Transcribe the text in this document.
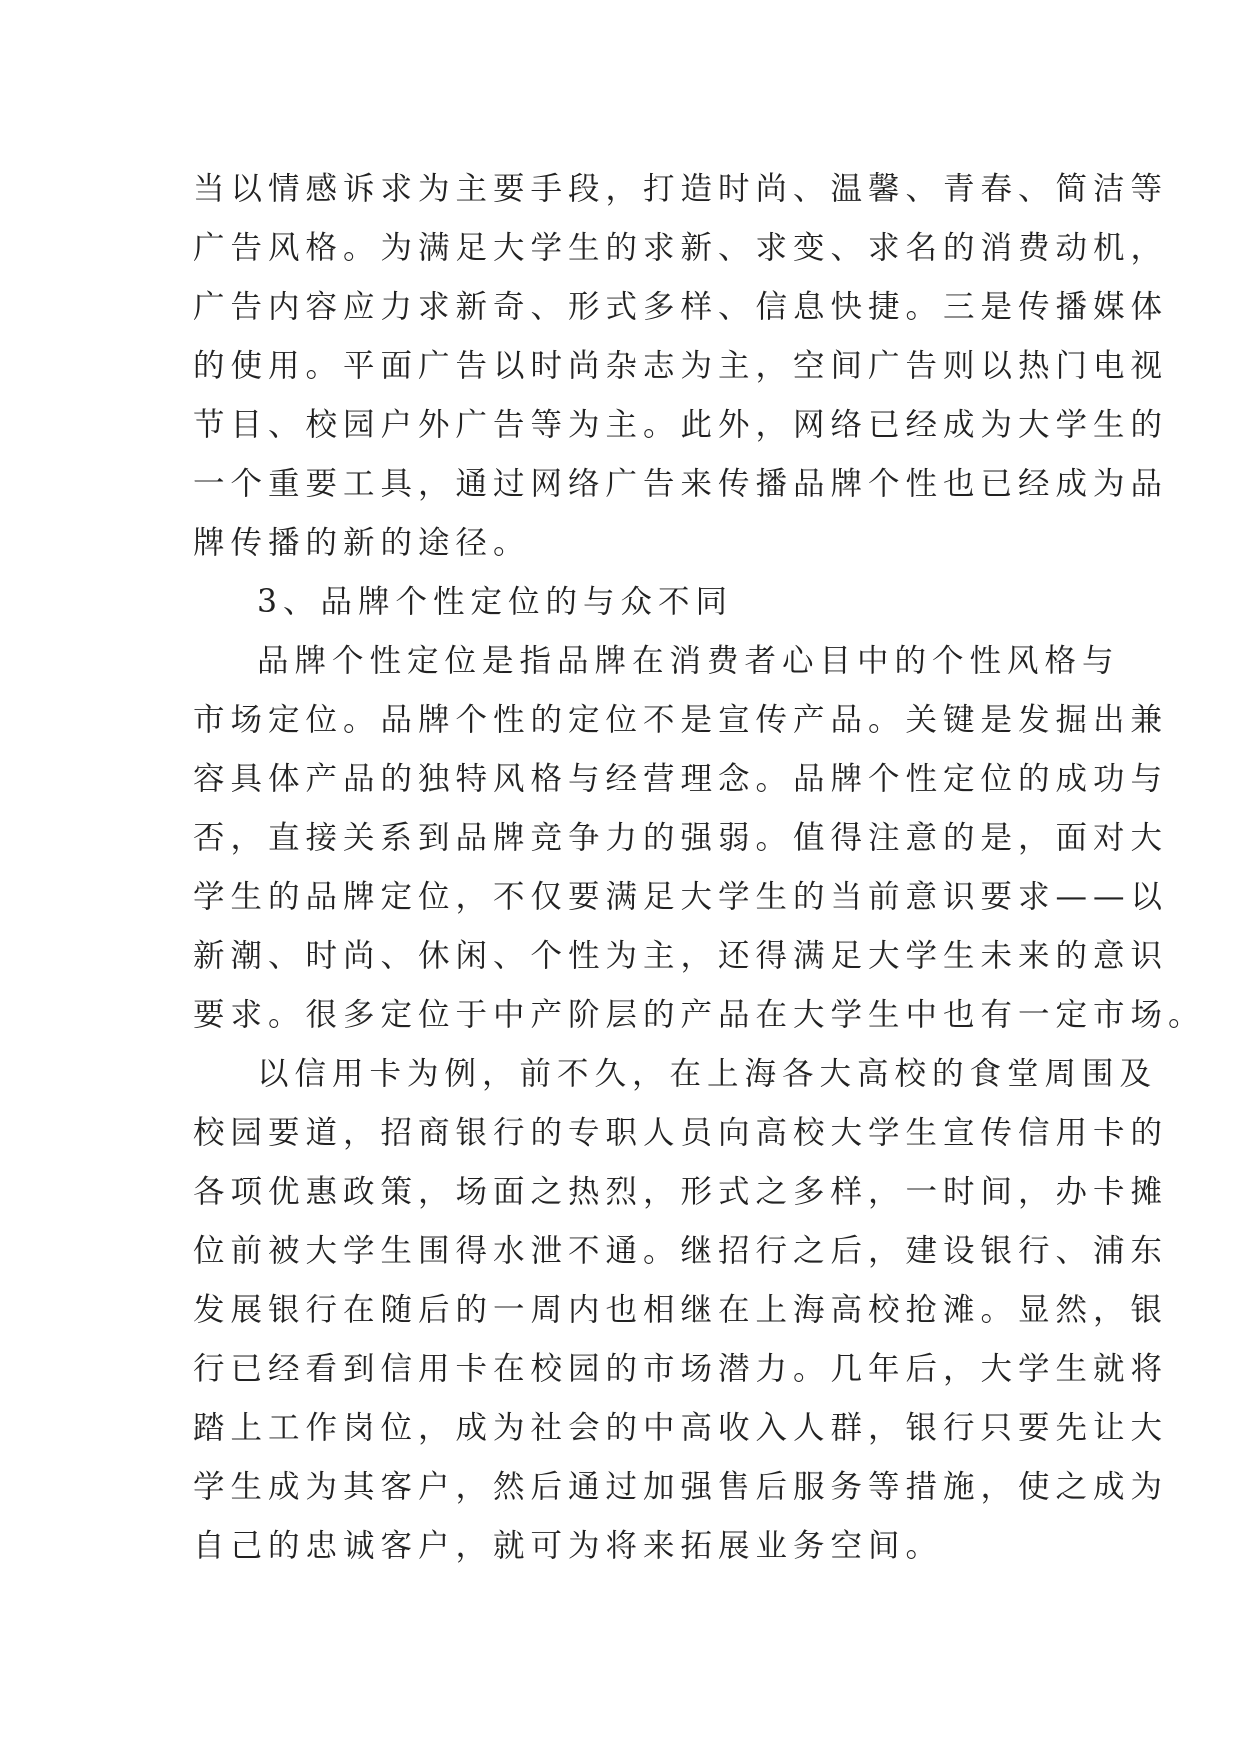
当以情感诉求为主要手段，打造时尚、温馨、青春、简洁等
广告风格。为满足大学生的求新、求变、求名的消费动机，
广告内容应力求新奇、形式多样、信息快捷。三是传播媒体
的使用。平面广告以时尚杂志为主，空间广告则以热门电视
节目、校园户外广告等为主。此外，网络已经成为大学生的
一个重要工具，通过网络广告来传播品牌个性也已经成为品
牌传播的新的途径。
3、品牌个性定位的与众不同
品牌个性定位是指品牌在消费者心目中的个性风格与
市场定位。品牌个性的定位不是宣传产品。关键是发掘出兼
容具体产品的独特风格与经营理念。品牌个性定位的成功与
否，直接关系到品牌竞争力的强弱。值得注意的是，面对大
学生的品牌定位，不仅要满足大学生的当前意识要求——以
新潮、时尚、休闲、个性为主，还得满足大学生未来的意识
要求。很多定位于中产阶层的产品在大学生中也有一定市场。
以信用卡为例，前不久，在上海各大高校的食堂周围及
校园要道，招商银行的专职人员向高校大学生宣传信用卡的
各项优惠政策，场面之热烈，形式之多样，一时间，办卡摊
位前被大学生围得水泄不通。继招行之后，建设银行、浦东
发展银行在随后的一周内也相继在上海高校抢滩。显然，银
行已经看到信用卡在校园的市场潜力。几年后，大学生就将
踏上工作岗位，成为社会的中高收入人群，银行只要先让大
学生成为其客户，然后通过加强售后服务等措施，使之成为
自己的忠诚客户，就可为将来拓展业务空间。
